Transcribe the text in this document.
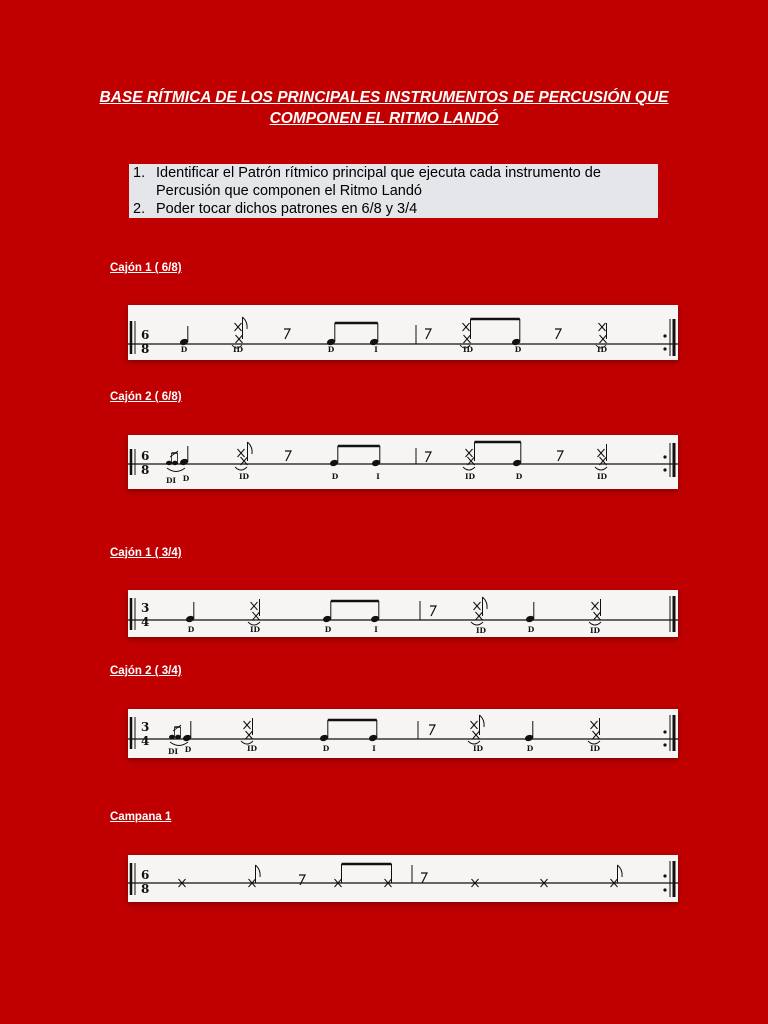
BASE RÍTMICA DE LOS PRINCIPALES INSTRUMENTOS DE PERCUSIÓN QUE
COMPONEN EL RITMO LANDÓ
1. Identificar el Patrón rítmico principal que ejecuta cada instrumento de
Percusión que componen el Ritmo Landó
2. Poder tocar dichos patrones en 6/8 y 3/4
Cajón 1 ( 6/8)
6
8	D	ID	D	I	ID	D	ID
Cajón 2 ( 6/8)
6
8
DI D	ID	D	I	ID	D	ID
Cajón 1 ( 3/4)
3
4
D	ID	D	I	ID	D	ID
Cajón 2 ( 3/4)
3
4
DI D	ID	D	I	ID	D	ID
Campana 1
6
8
